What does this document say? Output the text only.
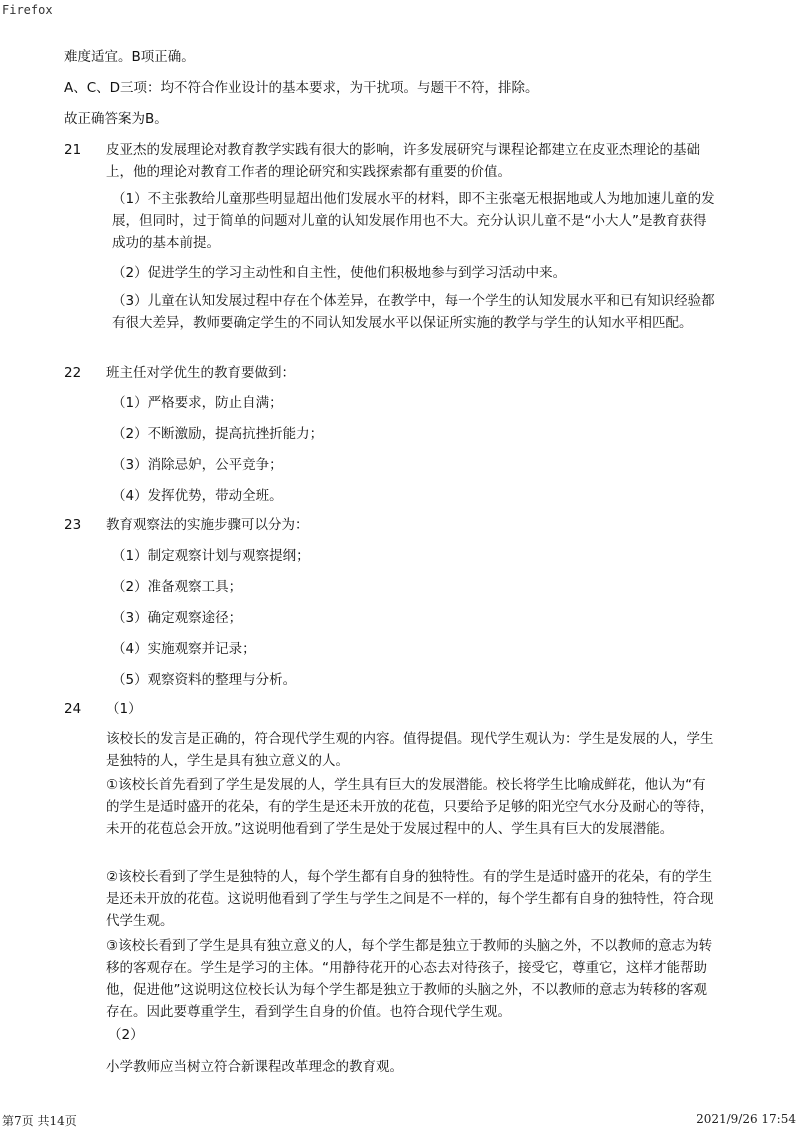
Firefox
难度适宜。B项正确。
A、C、D三项：均不符合作业设计的基本要求，为干扰项。与题干不符，排除。
故正确答案为B。
21	皮亚杰的发展理论对教育教学实践有很大的影响，许多发展研究与课程论都建立在皮亚杰理论的基础上，他的理论对教育工作者的理论研究和实践探索都有重要的价值。
（1）不主张教给儿童那些明显超出他们发展水平的材料，即不主张毫无根据地或人为地加速儿童的发展，但同时，过于简单的问题对儿童的认知发展作用也不大。充分认识儿童不是“小大人”是教育获得成功的基本前提。
（2）促进学生的学习主动性和自主性，使他们积极地参与到学习活动中来。
（3）儿童在认知发展过程中存在个体差异，在教学中，每一个学生的认知发展水平和已有知识经验都有很大差异，教师要确定学生的不同认知发展水平以保证所实施的教学与学生的认知水平相匹配。
22	班主任对学优生的教育要做到：
（1）严格要求，防止自满；
（2）不断激励，提高抗挫折能力；
（3）消除忌妒，公平竞争；
（4）发挥优势，带动全班。
23	教育观察法的实施步骤可以分为：
（1）制定观察计划与观察提纲；
（2）准备观察工具；
（3）确定观察途径；
（4）实施观察并记录；
（5）观察资料的整理与分析。
24	（1）
该校长的发言是正确的，符合现代学生观的内容。值得提倡。现代学生观认为：学生是发展的人，学生是独特的人，学生是具有独立意义的人。
①该校长首先看到了学生是发展的人，学生具有巨大的发展潜能。校长将学生比喻成鲜花，他认为“有的学生是适时盛开的花朵，有的学生是还未开放的花苞，只要给予足够的阳光空气水分及耐心的等待，未开的花苞总会开放。”这说明他看到了学生是处于发展过程中的人、学生具有巨大的发展潜能。
②该校长看到了学生是独特的人，每个学生都有自身的独特性。有的学生是适时盛开的花朵，有的学生是还未开放的花苞。这说明他看到了学生与学生之间是不一样的，每个学生都有自身的独特性，符合现代学生观。
③该校长看到了学生是具有独立意义的人，每个学生都是独立于教师的头脑之外，不以教师的意志为转移的客观存在。学生是学习的主体。“用静待花开的心态去对待孩子，接受它，尊重它，这样才能帮助他，促进他”这说明这位校长认为每个学生都是独立于教师的头脑之外，不以教师的意志为转移的客观存在。因此要尊重学生，看到学生自身的价值。也符合现代学生观。
（2）
小学教师应当树立符合新课程改革理念的教育观。
第7页 共14页	2021/9/26 17:54
